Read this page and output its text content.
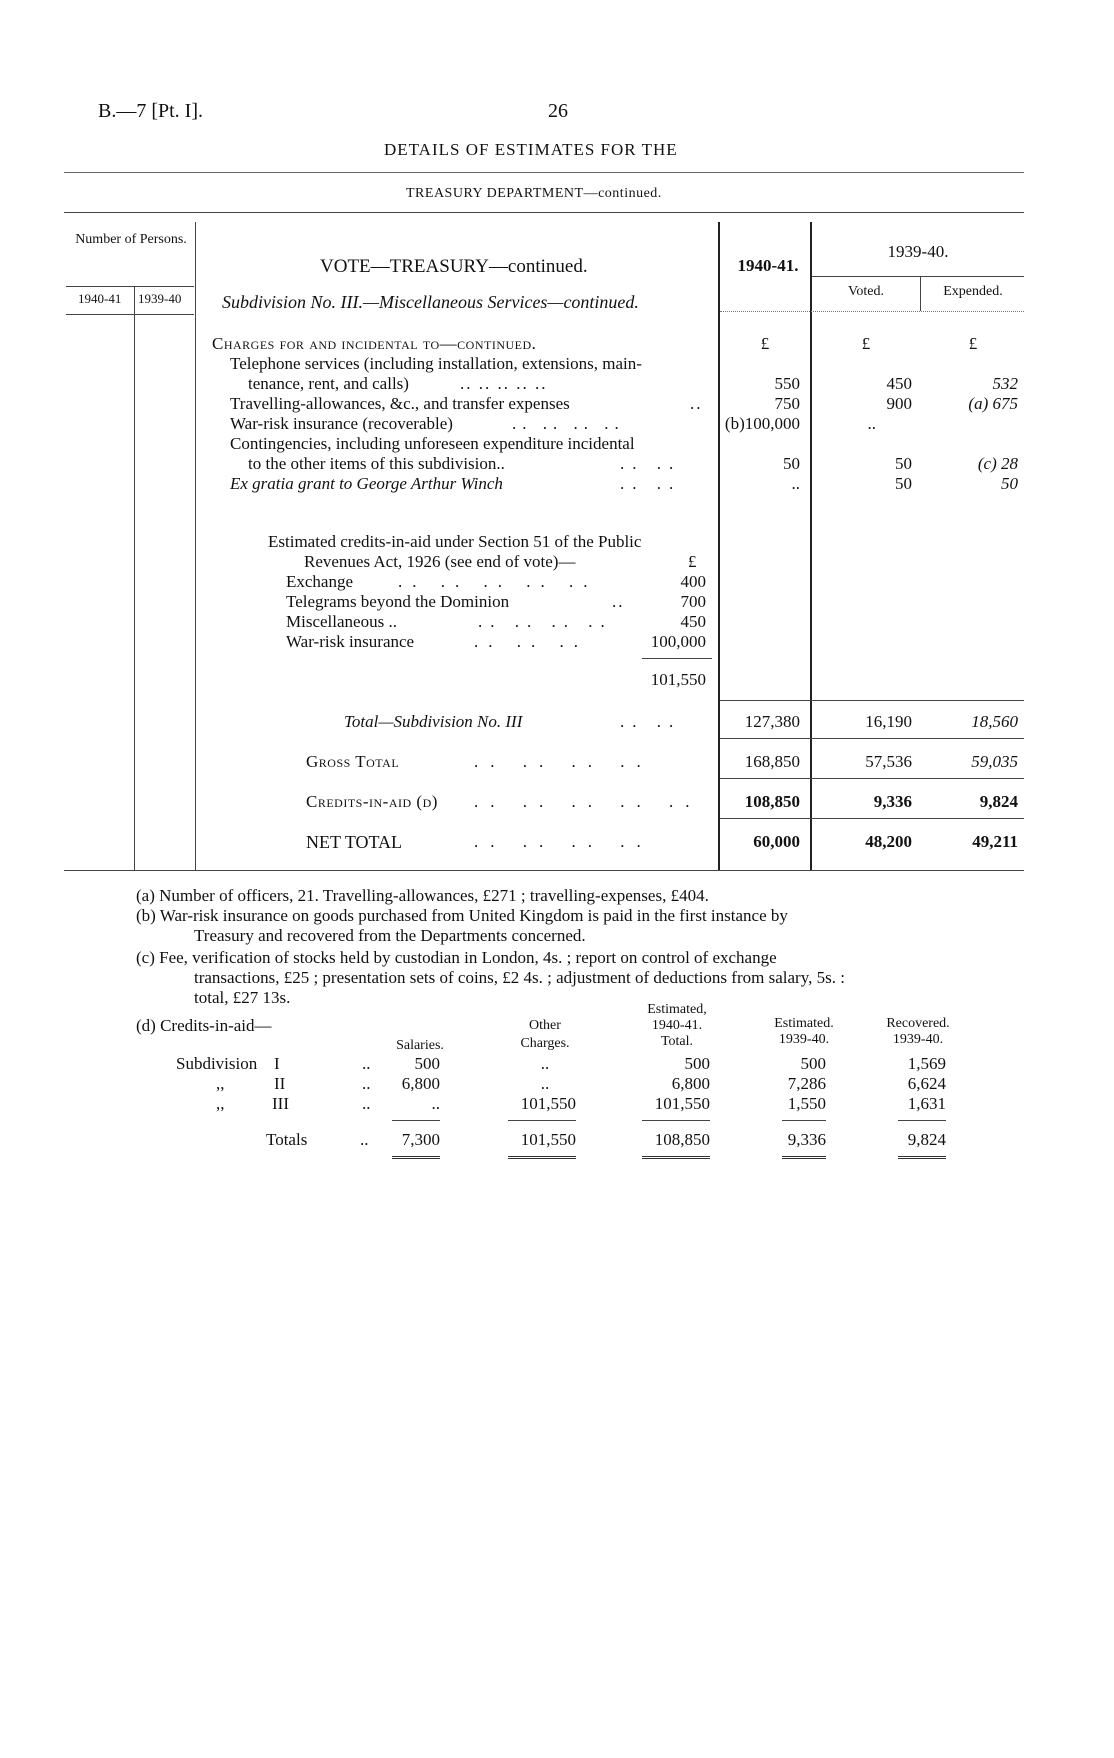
B.—7 [Pt. I].	26
DETAILS OF ESTIMATES FOR THE
TREASURY DEPARTMENT—continued.
Number of Persons.
1940-41 1939-40
1940-41.
1939-40.
Voted.	Expended.
VOTE—TREASURY—continued.
Subdivision No. III.—Miscellaneous Services—continued.
Charges for and incidental to—continued.	£	£	£
Telephone services (including installation, extensions, main-
tenance, rent, and calls)	.. .. .. .. ..	550	450	532
Travelling-allowances, &c., and transfer expenses	..	750	900	(a) 675
War-risk insurance (recoverable)	.. .. .. ..	(b)100,000	..
Contingencies, including unforeseen expenditure incidental
to the other items of this subdivision..	.. ..	50	50	(c) 28
Ex gratia grant to George Arthur Winch	.. ..	..	50	50
Estimated credits-in-aid under Section 51 of the Public
Revenues Act, 1926 (see end of vote)—	£
Exchange	.. .. .. .. ..	400
Telegrams beyond the Dominion	..	700
Miscellaneous ..	.. .. .. ..	450
War-risk insurance	.. .. ..	100,000
101,550
Total—Subdivision No. III	.. ..	127,380	16,190	18,560
Gross Total	.. .. .. ..	168,850	57,536	59,035
Credits-in-aid (d) .. .. .. .. ..	108,850	9,336	9,824
NET TOTAL	.. .. .. ..	60,000	48,200	49,211
(a) Number of officers, 21. Travelling-allowances, £271 ; travelling-expenses, £404.
(b) War-risk insurance on goods purchased from United Kingdom is paid in the first instance by
Treasury and recovered from the Departments concerned.
(c) Fee, verification of stocks held by custodian in London, 4s. ; report on control of exchange
transactions, £25 ; presentation sets of coins, £2 4s. ; adjustment of deductions from salary, 5s. :
total, £27 13s.
(d) Credits-in-aid—
Salaries.
Other
Charges.
Estimated,
1940-41.
Total.
Estimated.
1939-40.
Recovered.
1939-40.
Subdivision I	..	500	..	500	500	1,569
,,	II	..	6,800	..	6,800	7,286	6,624
,,	III	..	..	101,550	101,550	1,550	1,631
Totals	..	7,300	101,550	108,850	9,336	9,824
